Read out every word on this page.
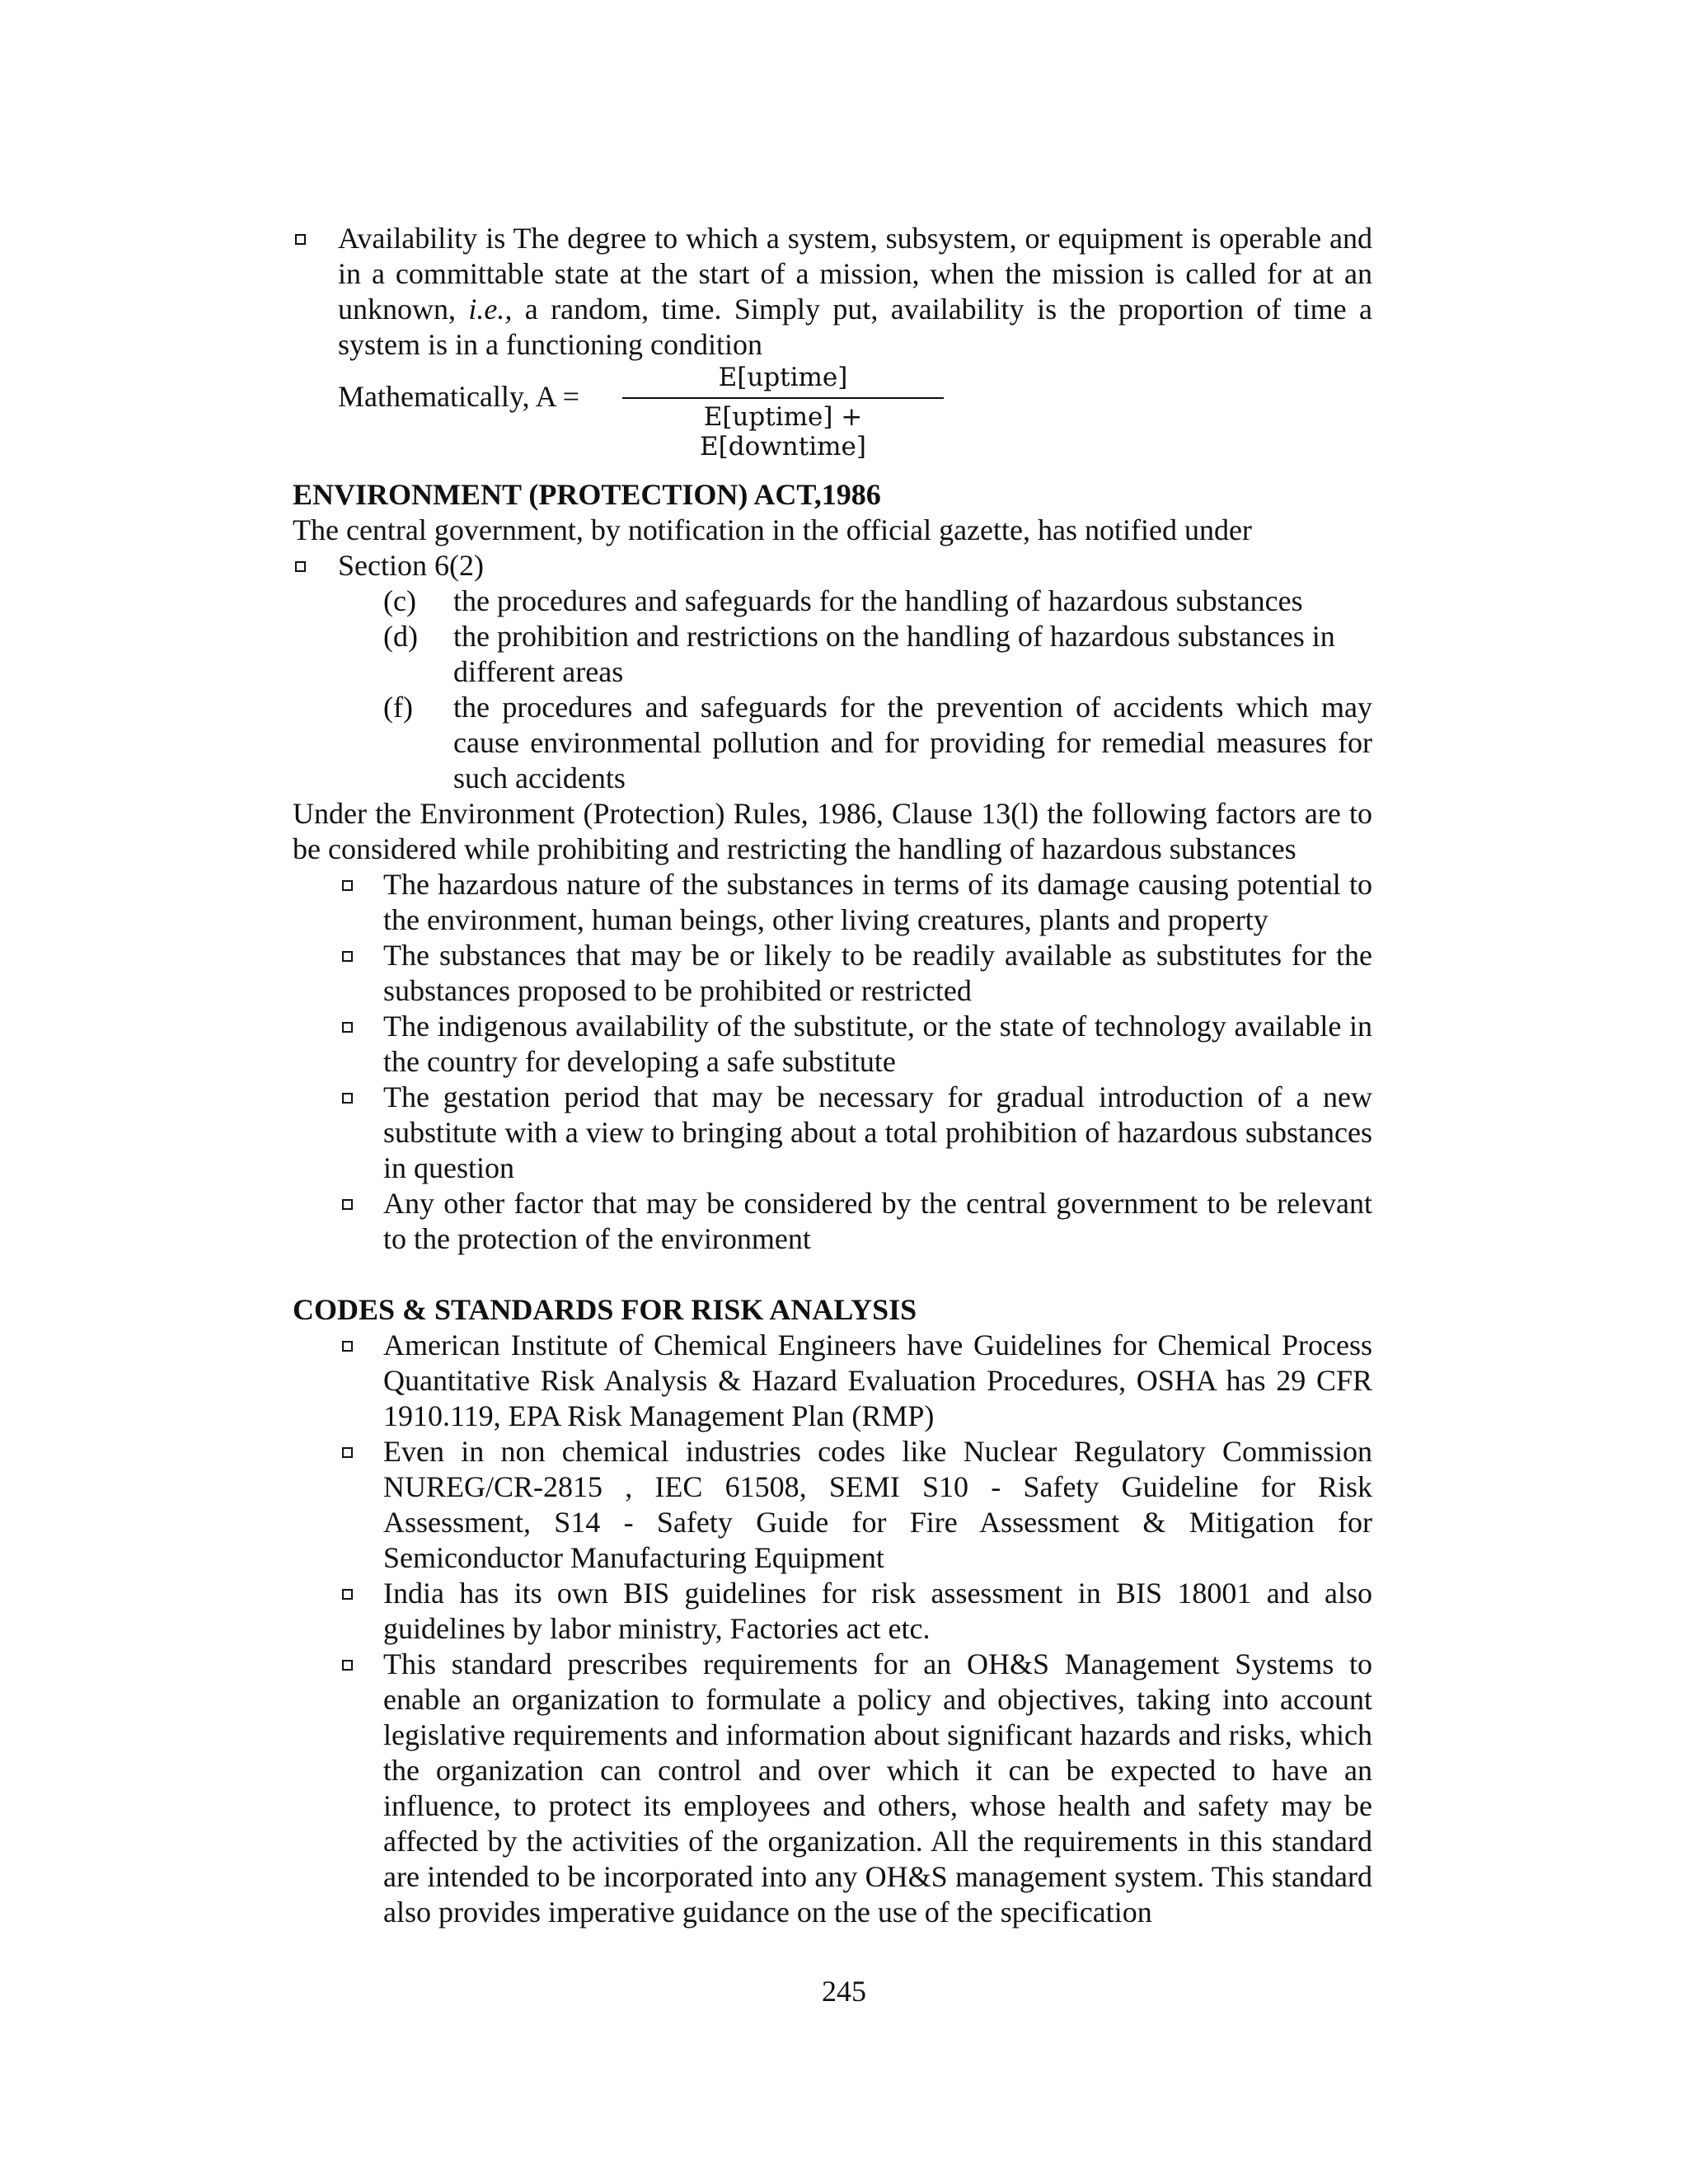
Availability is The degree to which a system, subsystem, or equipment is operable and in a committable state at the start of a mission, when the mission is called for at an unknown, i.e., a random, time. Simply put, availability is the proportion of time a system is in a functioning condition
Mathematically, A =
E[uptime]
E[uptime] + E[downtime]
ENVIRONMENT (PROTECTION) ACT,1986
The central government, by notification in the official gazette, has notified under
Section 6(2)
(c) the procedures and safeguards for the handling of hazardous substances
(d) the prohibition and restrictions on the handling of hazardous substances in different areas
(f) the procedures and safeguards for the prevention of accidents which may cause environmental pollution and for providing for remedial measures for such accidents
Under the Environment (Protection) Rules, 1986, Clause 13(l) the following factors are to be considered while prohibiting and restricting the handling of hazardous substances
The hazardous nature of the substances in terms of its damage causing potential to the environment, human beings, other living creatures, plants and property
The substances that may be or likely to be readily available as substitutes for the substances proposed to be prohibited or restricted
The indigenous availability of the substitute, or the state of technology available in the country for developing a safe substitute
The gestation period that may be necessary for gradual introduction of a new substitute with a view to bringing about a total prohibition of hazardous substances in question
Any other factor that may be considered by the central government to be relevant to the protection of the environment
CODES & STANDARDS FOR RISK ANALYSIS
American Institute of Chemical Engineers have Guidelines for Chemical Process Quantitative Risk Analysis & Hazard Evaluation Procedures, OSHA has 29 CFR 1910.119, EPA Risk Management Plan (RMP)
Even in non chemical industries codes like Nuclear Regulatory Commission NUREG/CR-2815 , IEC 61508, SEMI S10 - Safety Guideline for Risk Assessment, S14 - Safety Guide for Fire Assessment & Mitigation for Semiconductor Manufacturing Equipment
India has its own BIS guidelines for risk assessment in BIS 18001 and also guidelines by labor ministry, Factories act etc.
This standard prescribes requirements for an OH&S Management Systems to enable an organization to formulate a policy and objectives, taking into account legislative requirements and information about significant hazards and risks, which the organization can control and over which it can be expected to have an influence, to protect its employees and others, whose health and safety may be affected by the activities of the organization. All the requirements in this standard are intended to be incorporated into any OH&S management system. This standard also provides imperative guidance on the use of the specification
245
